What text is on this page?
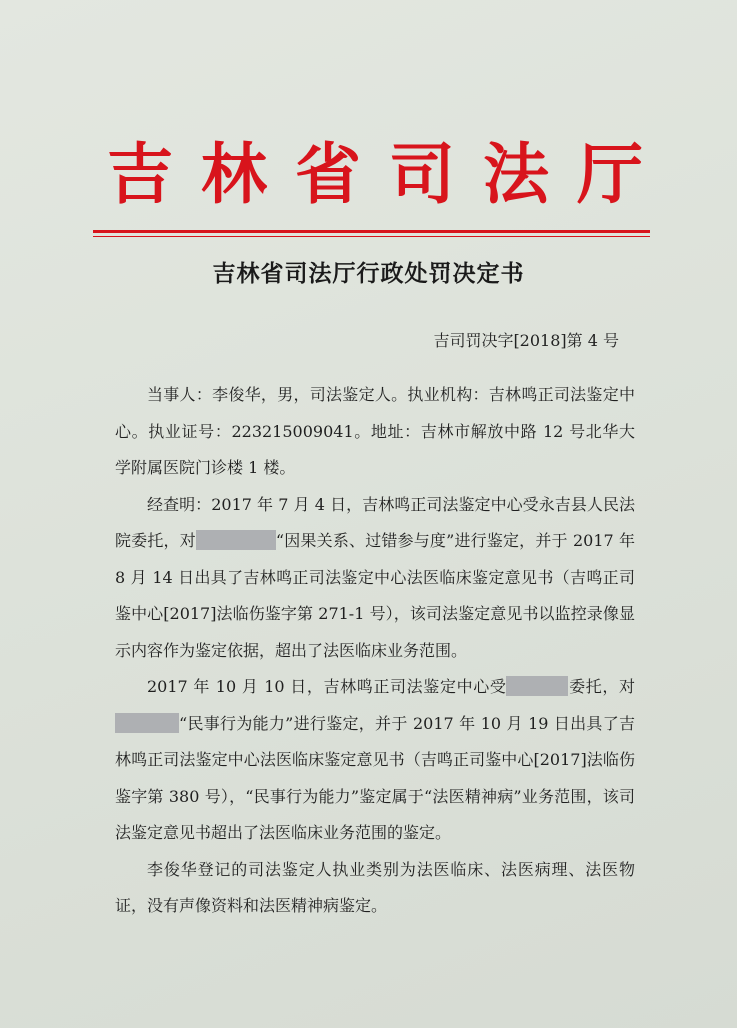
吉 林 省 司 法 厅
吉林省司法厅行政处罚决定书
吉司罚决字[2018]第 4 号

当事人：李俊华，男，司法鉴定人。执业机构：吉林鸣正司法鉴定中心。执业证号：223215009041。地址：吉林市解放中路 12 号北华大学附属医院门诊楼 1 楼。

经查明：2017 年 7 月 4 日，吉林鸣正司法鉴定中心受永吉县人民法院委托，对	“因果关系、过错参与度”进行鉴定，并于 2017 年 8 月 14 日出具了吉林鸣正司法鉴定中心法医临床鉴定意见书（吉鸣正司鉴中心[2017]法临伤鉴字第 271-1 号），该司法鉴定意见书以监控录像显示内容作为鉴定依据，超出了法医临床业务范围。

2017 年 10 月 10 日，吉林鸣正司法鉴定中心受	委托，对“民事行为能力”进行鉴定，并于 2017 年 10 月 19 日出具了吉林鸣正司法鉴定中心法医临床鉴定意见书（吉鸣正司鉴中心[2017]法临伤鉴字第 380 号），“民事行为能力”鉴定属于“法医精神病”业务范围，该司法鉴定意见书超出了法医临床业务范围的鉴定。

李俊华登记的司法鉴定人执业类别为法医临床、法医病理、法医物证，没有声像资料和法医精神病鉴定。
